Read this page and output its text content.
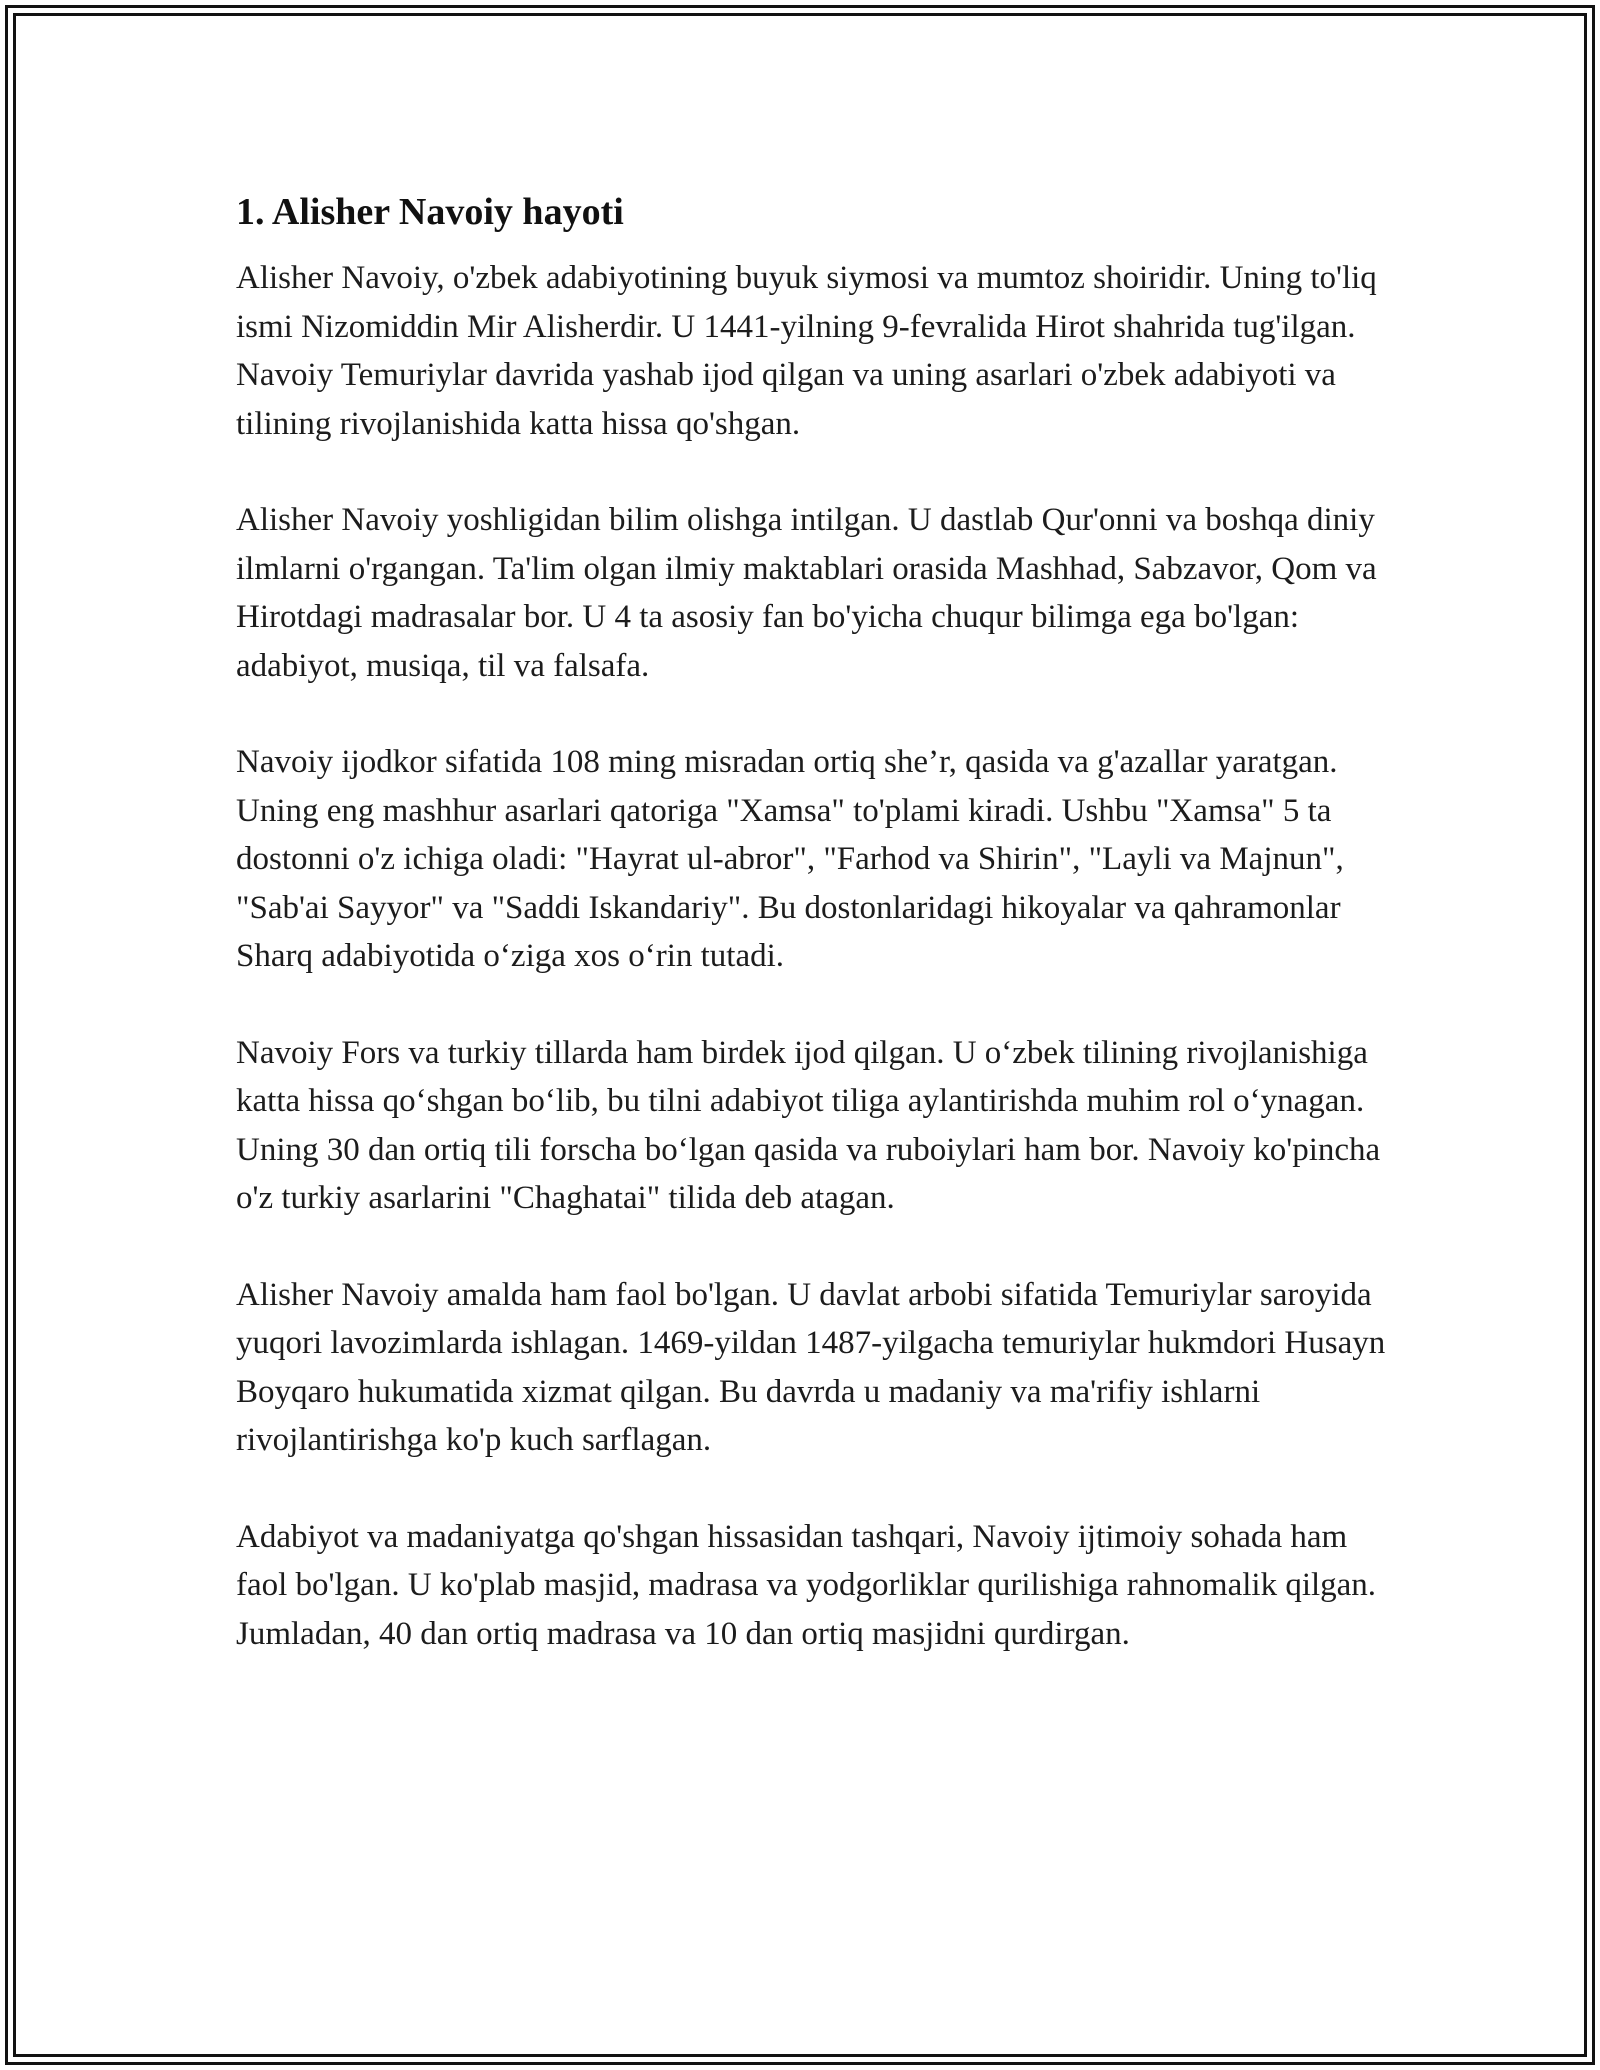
1. Alisher Navoiy hayoti

Alisher Navoiy, o'zbek adabiyotining buyuk siymosi va mumtoz shoiridir. Uning to'liq ismi Nizomiddin Mir Alisherdir. U 1441-yilning 9-fevralida Hirot shahrida tug'ilgan. Navoiy Temuriylar davrida yashab ijod qilgan va uning asarlari o'zbek adabiyoti va tilining rivojlanishida katta hissa qo'shgan.

Alisher Navoiy yoshligidan bilim olishga intilgan. U dastlab Qur'onni va boshqa diniy ilmlarni o'rgangan. Ta'lim olgan ilmiy maktablari orasida Mashhad, Sabzavor, Qom va Hirotdagi madrasalar bor. U 4 ta asosiy fan bo'yicha chuqur bilimga ega bo'lgan: adabiyot, musiqa, til va falsafa.

Navoiy ijodkor sifatida 108 ming misradan ortiq she’r, qasida va g'azallar yaratgan. Uning eng mashhur asarlari qatoriga "Xamsa" to'plami kiradi. Ushbu "Xamsa" 5 ta dostonni o'z ichiga oladi: "Hayrat ul-abror", "Farhod va Shirin", "Layli va Majnun", "Sab'ai Sayyor" va "Saddi Iskandariy". Bu dostonlaridagi hikoyalar va qahramonlar Sharq adabiyotida o‘ziga xos o‘rin tutadi.

Navoiy Fors va turkiy tillarda ham birdek ijod qilgan. U o‘zbek tilining rivojlanishiga katta hissa qo‘shgan bo‘lib, bu tilni adabiyot tiliga aylantirishda muhim rol o‘ynagan. Uning 30 dan ortiq tili forscha bo‘lgan qasida va ruboiylari ham bor. Navoiy ko'pincha o'z turkiy asarlarini "Chaghatai" tilida deb atagan.

Alisher Navoiy amalda ham faol bo'lgan. U davlat arbobi sifatida Temuriylar saroyida yuqori lavozimlarda ishlagan. 1469-yildan 1487-yilgacha temuriylar hukmdori Husayn Boyqaro hukumatida xizmat qilgan. Bu davrda u madaniy va ma'rifiy ishlarni rivojlantirishga ko'p kuch sarflagan.

Adabiyot va madaniyatga qo'shgan hissasidan tashqari, Navoiy ijtimoiy sohada ham faol bo'lgan. U ko'plab masjid, madrasa va yodgorliklar qurilishiga rahnomalik qilgan. Jumladan, 40 dan ortiq madrasa va 10 dan ortiq masjidni qurdirgan.
